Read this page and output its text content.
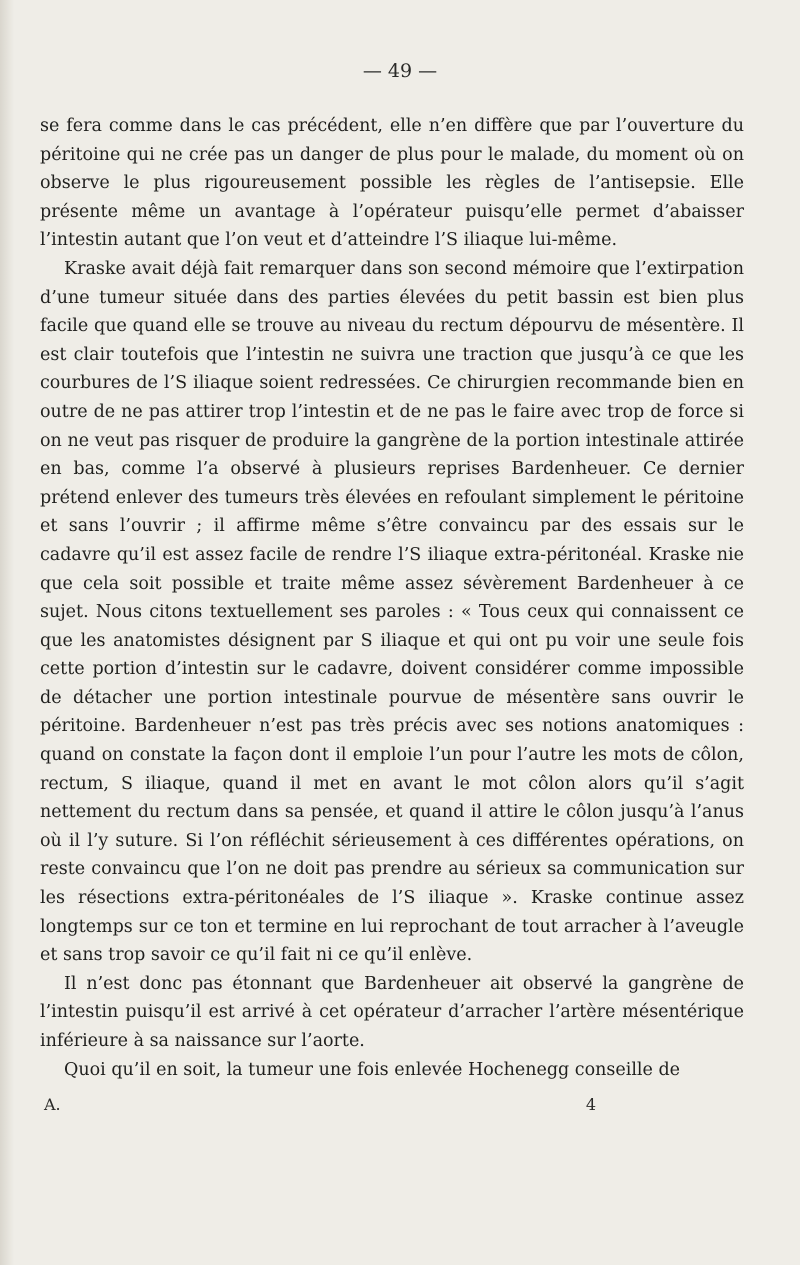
— 49 —

se fera comme dans le cas précédent, elle n’en diffère que par l’ouverture du péritoine qui ne crée pas un danger de plus pour le malade, du moment où on observe le plus rigoureusement possible les règles de l’antisepsie. Elle présente même un avantage à l’opérateur puisqu’elle permet d’abaisser l’intestin autant que l’on veut et d’atteindre l’S iliaque lui-même.

Kraske avait déjà fait remarquer dans son second mémoire que l’extirpation d’une tumeur située dans des parties élevées du petit bassin est bien plus facile que quand elle se trouve au niveau du rectum dépourvu de mésentère. Il est clair toutefois que l’intestin ne suivra une traction que jusqu’à ce que les courbures de l’S iliaque soient redressées. Ce chirurgien recommande bien en outre de ne pas attirer trop l’intestin et de ne pas le faire avec trop de force si on ne veut pas risquer de produire la gangrène de la portion intestinale attirée en bas, comme l’a observé à plusieurs reprises Bardenheuer. Ce dernier prétend enlever des tumeurs très élevées en refoulant simplement le péritoine et sans l’ouvrir ; il affirme même s’être convaincu par des essais sur le cadavre qu’il est assez facile de rendre l’S iliaque extra-péritonéal. Kraske nie que cela soit possible et traite même assez sévèrement Bardenheuer à ce sujet. Nous citons textuellement ses paroles : « Tous ceux qui connaissent ce que les anatomistes désignent par S iliaque et qui ont pu voir une seule fois cette portion d’intestin sur le cadavre, doivent considérer comme impossible de détacher une portion intestinale pourvue de mésentère sans ouvrir le péritoine. Bardenheuer n’est pas très précis avec ses notions anatomiques : quand on constate la façon dont il emploie l’un pour l’autre les mots de côlon, rectum, S iliaque, quand il met en avant le mot côlon alors qu’il s’agit nettement du rectum dans sa pensée, et quand il attire le côlon jusqu’à l’anus où il l’y suture. Si l’on réfléchit sérieusement à ces différentes opérations, on reste convaincu que l’on ne doit pas prendre au sérieux sa communication sur les résections extra-péritonéales de l’S iliaque ». Kraske continue assez longtemps sur ce ton et termine en lui reprochant de tout arracher à l’aveugle et sans trop savoir ce qu’il fait ni ce qu’il enlève.

Il n’est donc pas étonnant que Bardenheuer ait observé la gangrène de l’intestin puisqu’il est arrivé à cet opérateur d’arracher l’artère mésentérique inférieure à sa naissance sur l’aorte.

Quoi qu’il en soit, la tumeur une fois enlevée Hochenegg conseille de

A.	4
